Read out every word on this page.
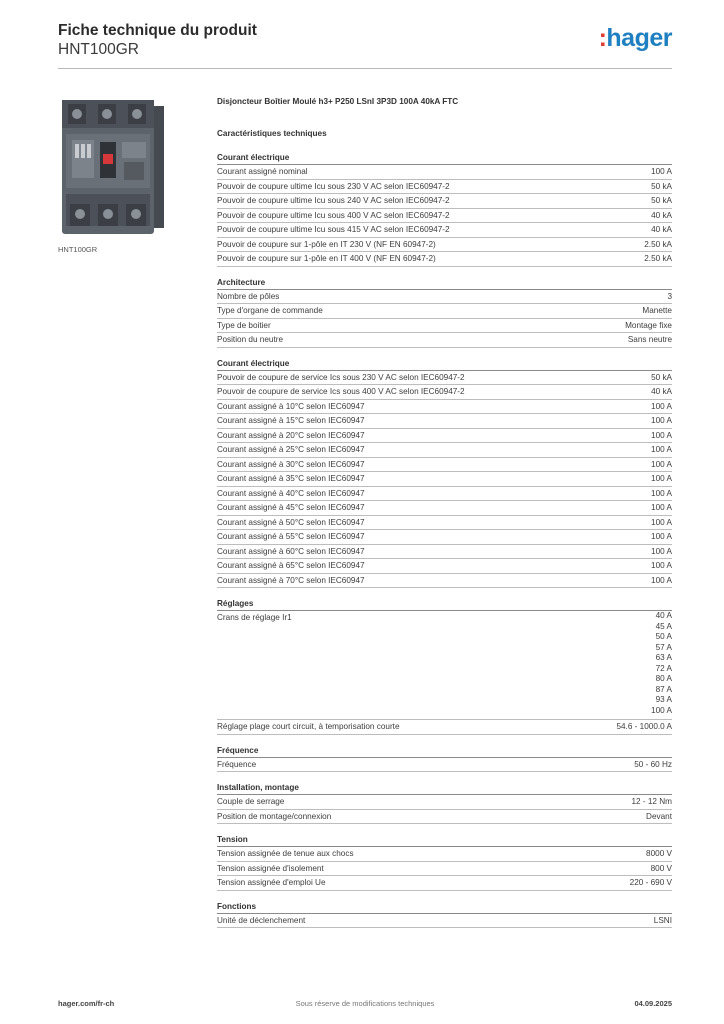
Fiche technique du produit
HNT100GR	:hager
HNT100GR
Disjoncteur Boîtier Moulé h3+ P250 LSnI 3P3D 100A 40kA FTC
Caractéristiques techniques
Courant électrique
Courant assigné nominal	100 A
Pouvoir de coupure ultime Icu sous 230 V AC selon IEC60947-2	50 kA
Pouvoir de coupure ultime Icu sous 240 V AC selon IEC60947-2	50 kA
Pouvoir de coupure ultime Icu sous 400 V AC selon IEC60947-2	40 kA
Pouvoir de coupure ultime Icu sous 415 V AC selon IEC60947-2	40 kA
Pouvoir de coupure sur 1-pôle en IT 230 V (NF EN 60947-2)	2.50 kA
Pouvoir de coupure sur 1-pôle en IT 400 V (NF EN 60947-2)	2.50 kA
Architecture
Nombre de pôles	3
Type d'organe de commande	Manette
Type de boitier	Montage fixe
Position du neutre	Sans neutre
Courant électrique
Pouvoir de coupure de service Ics sous 230 V AC selon IEC60947-2	50 kA
Pouvoir de coupure de service Ics sous 400 V AC selon IEC60947-2	40 kA
Courant assigné à 10°C selon IEC60947	100 A
Courant assigné à 15°C selon IEC60947	100 A
Courant assigné à 20°C selon IEC60947	100 A
Courant assigné à 25°C selon IEC60947	100 A
Courant assigné à 30°C selon IEC60947	100 A
Courant assigné à 35°C selon IEC60947	100 A
Courant assigné à 40°C selon IEC60947	100 A
Courant assigné à 45°C selon IEC60947	100 A
Courant assigné à 50°C selon IEC60947	100 A
Courant assigné à 55°C selon IEC60947	100 A
Courant assigné à 60°C selon IEC60947	100 A
Courant assigné à 65°C selon IEC60947	100 A
Courant assigné à 70°C selon IEC60947	100 A
Réglages
Crans de réglage Ir1	40 A
45 A
50 A
57 A
63 A
72 A
80 A
87 A
93 A
100 A
Réglage plage court circuit, à temporisation courte	54.6 - 1000.0 A
Fréquence
Fréquence	50 - 60 Hz
Installation, montage
Couple de serrage	12 - 12 Nm
Position de montage/connexion	Devant
Tension
Tension assignée de tenue aux chocs	8000 V
Tension assignée d'isolement	800 V
Tension assignée d'emploi Ue	220 - 690 V
Fonctions
Unité de déclenchement	LSNI
hager.com/fr-ch	Sous réserve de modifications techniques	04.09.2025
